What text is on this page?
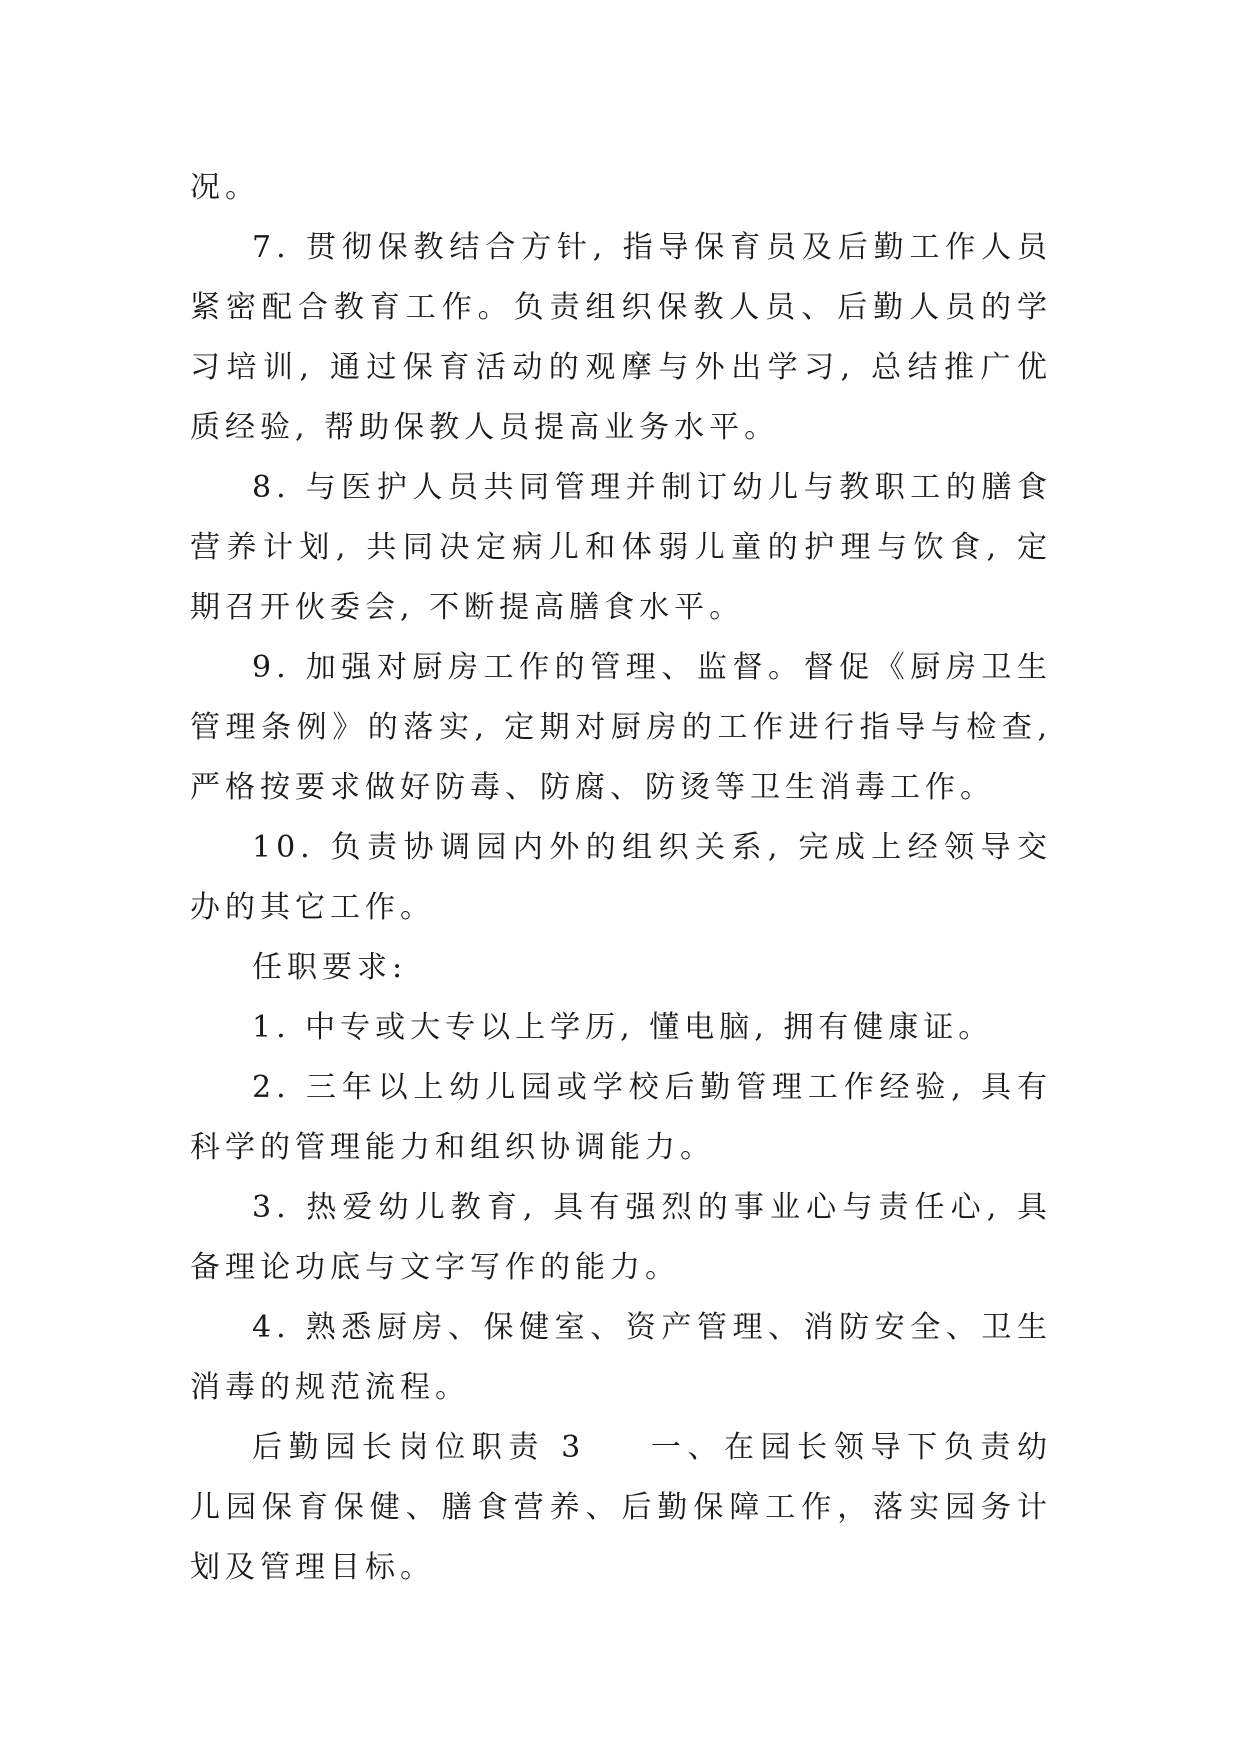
况。

7. 贯彻保教结合方针, 指导保育员及后勤工作人员紧密配合教育工作。负责组织保教人员、后勤人员的学习培训, 通过保育活动的观摩与外出学习, 总结推广优质经验, 帮助保教人员提高业务水平。

8. 与医护人员共同管理并制订幼儿与教职工的膳食营养计划, 共同决定病儿和体弱儿童的护理与饮食, 定期召开伙委会, 不断提高膳食水平。

9. 加强对厨房工作的管理、监督。督促《厨房卫生管理条例》的落实, 定期对厨房的工作进行指导与检查, 严格按要求做好防毒、防腐、防烫等卫生消毒工作。

10. 负责协调园内外的组织关系, 完成上经领导交办的其它工作。

任职要求:

1. 中专或大专以上学历, 懂电脑, 拥有健康证。

2. 三年以上幼儿园或学校后勤管理工作经验, 具有科学的管理能力和组织协调能力。

3. 热爱幼儿教育, 具有强烈的事业心与责任心, 具备理论功底与文字写作的能力。

4. 熟悉厨房、保健室、资产管理、消防安全、卫生消毒的规范流程。

后勤园长岗位职责 3 一、在园长领导下负责幼儿园保育保健、膳食营养、后勤保障工作，落实园务计划及管理目标。
